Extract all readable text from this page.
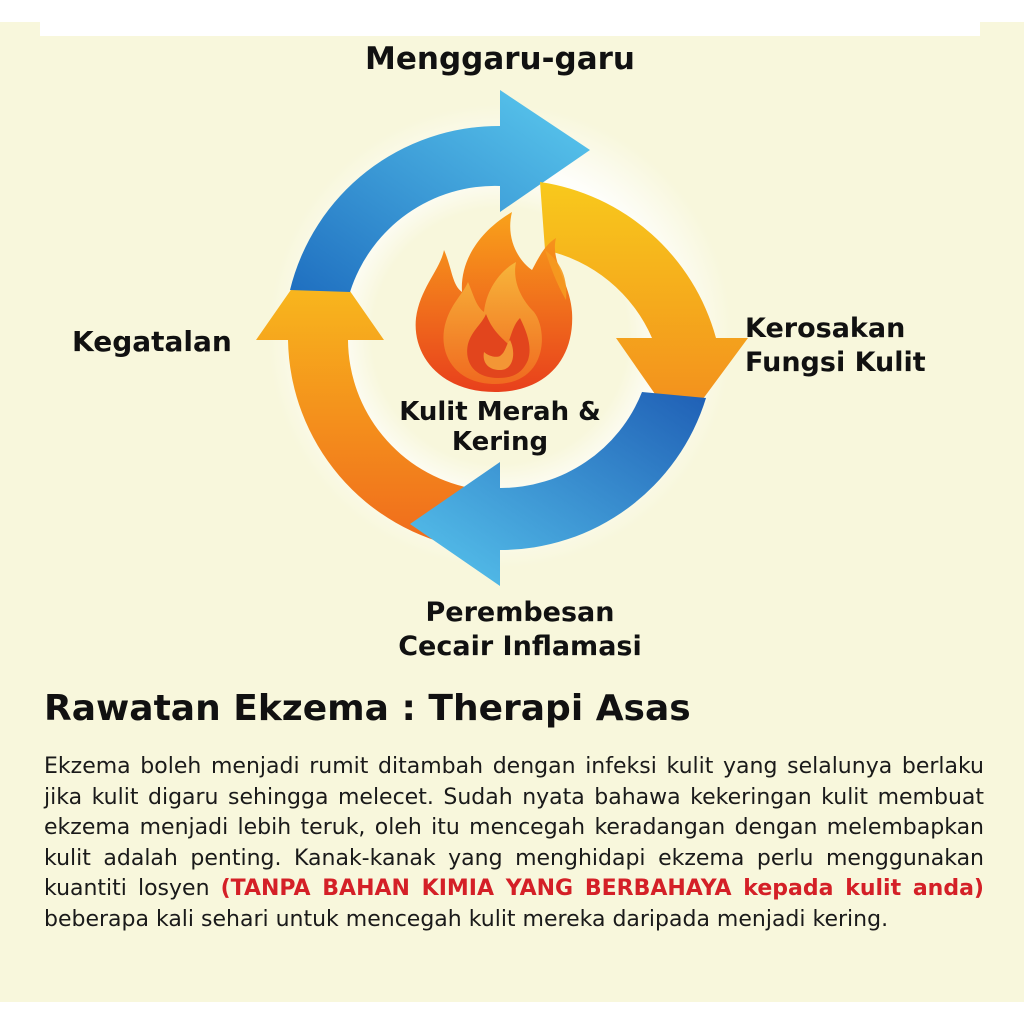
Menggaru-garu
Kerosakan
Fungsi Kulit
Kegatalan
Perembesan
Cecair Inflamasi
Kulit Merah &
Kering
Rawatan Ekzema : Therapi Asas
Ekzema boleh menjadi rumit ditambah dengan infeksi kulit yang selalunya berlaku jika kulit digaru sehingga melecet. Sudah nyata bahawa kekeringan kulit membuat ekzema menjadi lebih teruk, oleh itu mencegah keradangan dengan melembapkan kulit adalah penting. Kanak-kanak yang menghidapi ekzema perlu menggunakan kuantiti losyen (TANPA BAHAN KIMIA YANG BERBAHAYA kepada kulit anda) beberapa kali sehari untuk mencegah kulit mereka daripada menjadi kering.
